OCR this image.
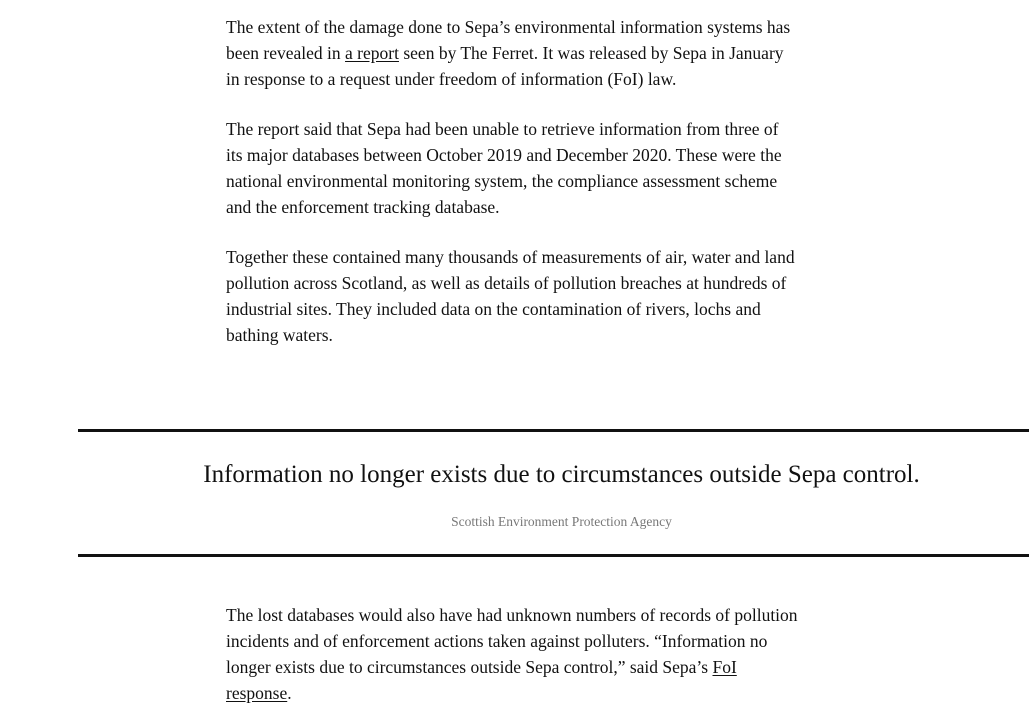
The extent of the damage done to Sepa’s environmental information systems has been revealed in a report seen by The Ferret. It was released by Sepa in January in response to a request under freedom of information (FoI) law.

The report said that Sepa had been unable to retrieve information from three of its major databases between October 2019 and December 2020. These were the national environmental monitoring system, the compliance assessment scheme and the enforcement tracking database.

Together these contained many thousands of measurements of air, water and land pollution across Scotland, as well as details of pollution breaches at hundreds of industrial sites. They included data on the contamination of rivers, lochs and bathing waters.

Information no longer exists due to circumstances outside Sepa control.

Scottish Environment Protection Agency

The lost databases would also have had unknown numbers of records of pollution incidents and of enforcement actions taken against polluters. “Information no longer exists due to circumstances outside Sepa control,” said Sepa’s FoI response.
